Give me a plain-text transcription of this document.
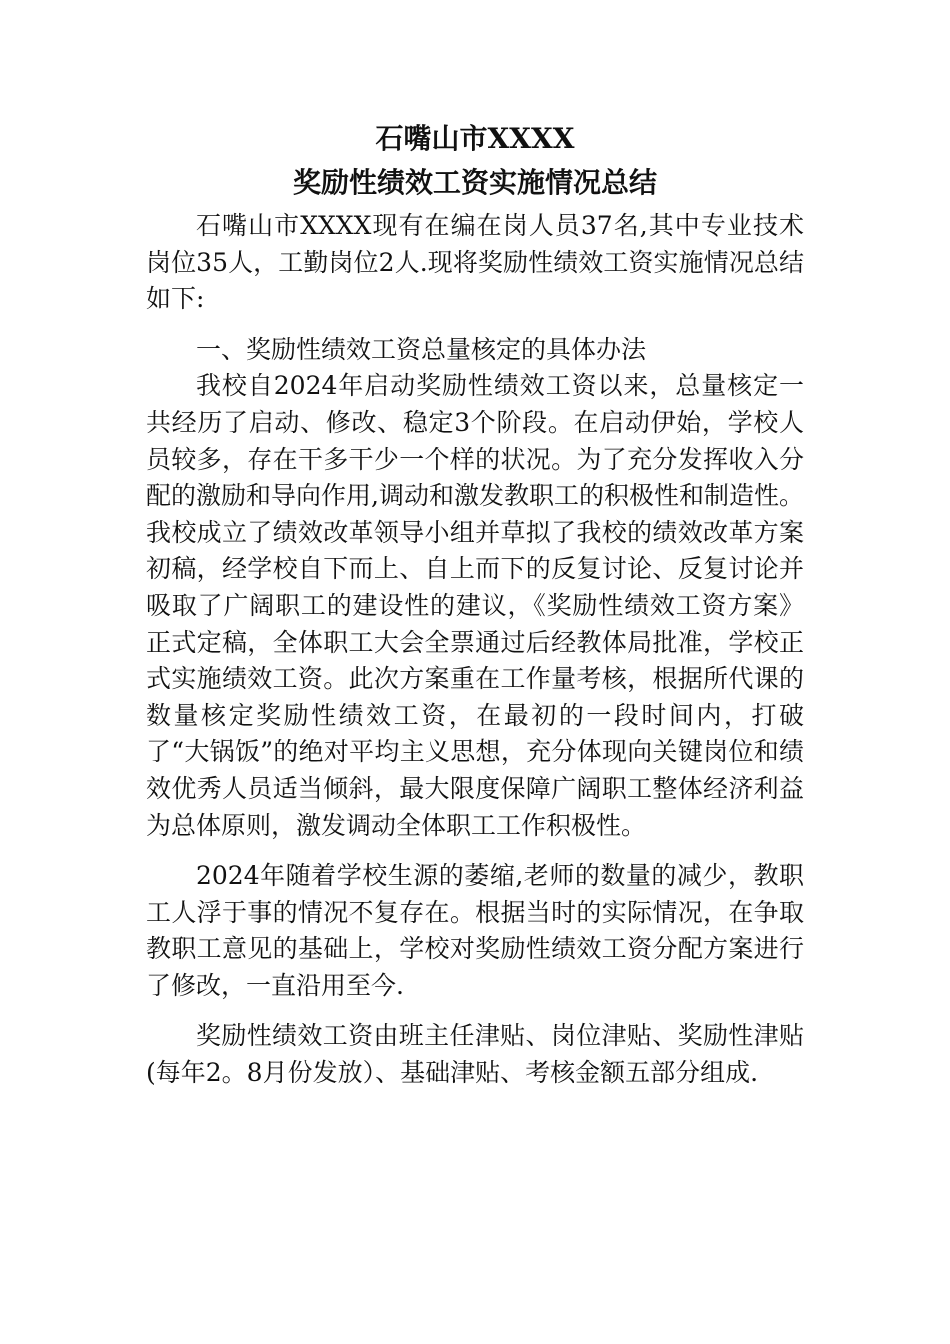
石嘴山市XXXX
奖励性绩效工资实施情况总结

石嘴山市XXXX现有在编在岗人员37名,其中专业技术岗位35人，工勤岗位2人.现将奖励性绩效工资实施情况总结如下:

一、奖励性绩效工资总量核定的具体办法

我校自2024年启动奖励性绩效工资以来，总量核定一共经历了启动、修改、稳定3个阶段。在启动伊始，学校人员较多，存在干多干少一个样的状况。为了充分发挥收入分配的激励和导向作用,调动和激发教职工的积极性和制造性。我校成立了绩效改革领导小组并草拟了我校的绩效改革方案初稿，经学校自下而上、自上而下的反复讨论、反复讨论并吸取了广阔职工的建设性的建议，《奖励性绩效工资方案》正式定稿，全体职工大会全票通过后经教体局批准，学校正式实施绩效工资。此次方案重在工作量考核，根据所代课的数量核定奖励性绩效工资，在最初的一段时间内，打破了“大锅饭”的绝对平均主义思想，充分体现向关键岗位和绩效优秀人员适当倾斜，最大限度保障广阔职工整体经济利益为总体原则，激发调动全体职工工作积极性。

2024年随着学校生源的萎缩,老师的数量的减少，教职工人浮于事的情况不复存在。根据当时的实际情况，在争取教职工意见的基础上，学校对奖励性绩效工资分配方案进行了修改，一直沿用至今.

奖励性绩效工资由班主任津贴、岗位津贴、奖励性津贴(每年2。8月份发放）、基础津贴、考核金额五部分组成.
